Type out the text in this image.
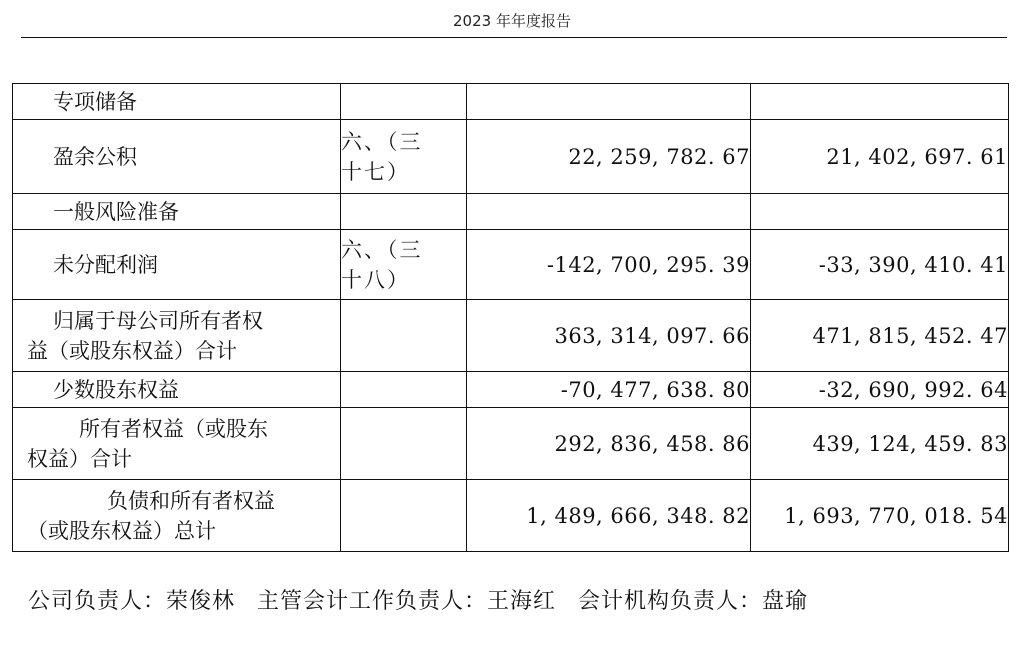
2023 年年度报告
专项储备			

盈余公积	六、（三
十七）	22, 259, 782. 67	21, 402, 697. 61

一般风险准备			

未分配利润	六、（三
十八）	-142, 700, 295. 39	-33, 390, 410. 41

归属于母公司所有者权
益（或股东权益）合计		363, 314, 097. 66	471, 815, 452. 47

少数股东权益		-70, 477, 638. 80	-32, 690, 992. 64

所有者权益（或股东
权益）合计		292, 836, 458. 86	439, 124, 459. 83

负债和所有者权益
（或股东权益）总计		1, 489, 666, 348. 82	1, 693, 770, 018. 54
公司负责人：荣俊林 主管会计工作负责人：王海红 会计机构负责人：盘瑜
